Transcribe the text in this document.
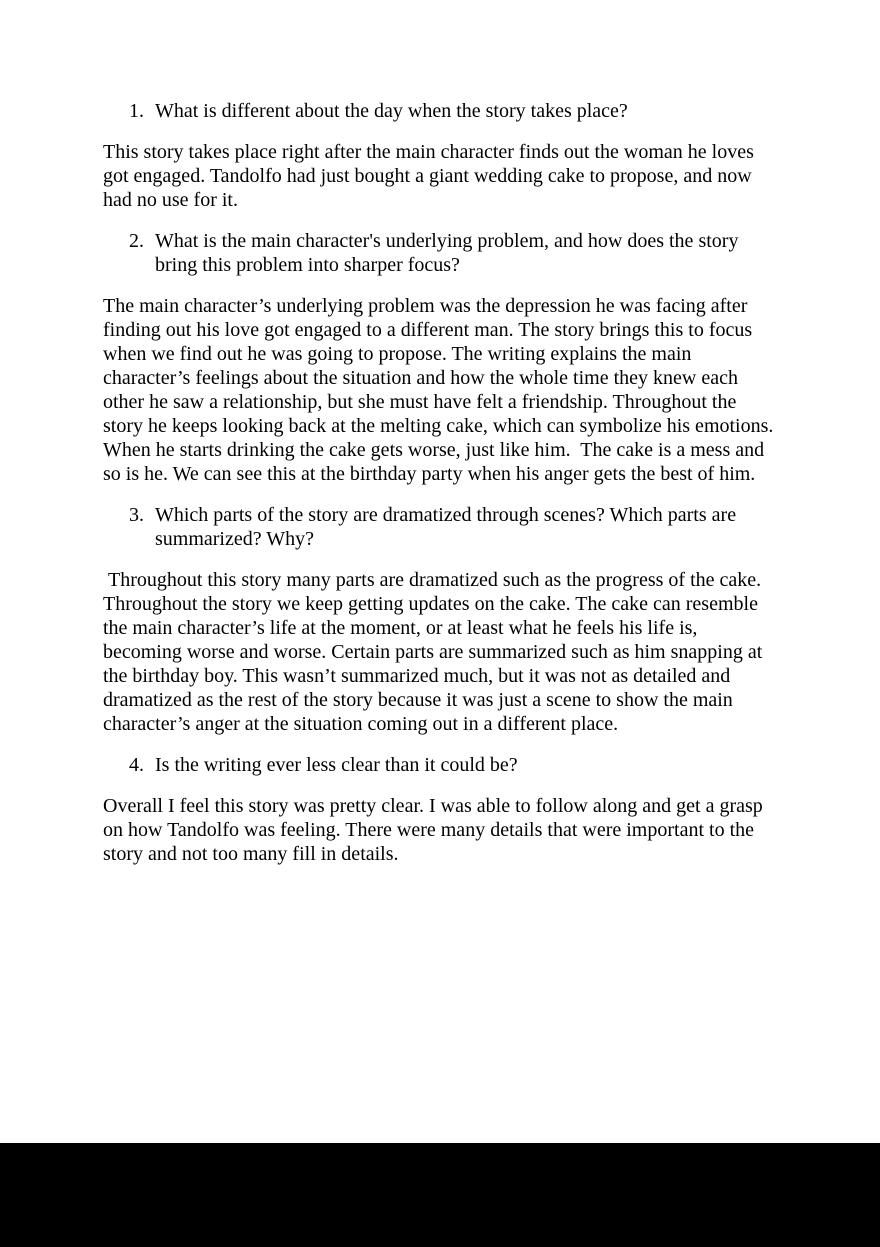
1. What is different about the day when the story takes place?
This story takes place right after the main character finds out the woman he loves got engaged. Tandolfo had just bought a giant wedding cake to propose, and now had no use for it.
2. What is the main character's underlying problem, and how does the story bring this problem into sharper focus?
The main character’s underlying problem was the depression he was facing after finding out his love got engaged to a different man. The story brings this to focus when we find out he was going to propose. The writing explains the main character’s feelings about the situation and how the whole time they knew each other he saw a relationship, but she must have felt a friendship. Throughout the story he keeps looking back at the melting cake, which can symbolize his emotions. When he starts drinking the cake gets worse, just like him.  The cake is a mess and so is he. We can see this at the birthday party when his anger gets the best of him.
3. Which parts of the story are dramatized through scenes? Which parts are summarized? Why?
Throughout this story many parts are dramatized such as the progress of the cake. Throughout the story we keep getting updates on the cake. The cake can resemble the main character’s life at the moment, or at least what he feels his life is, becoming worse and worse. Certain parts are summarized such as him snapping at the birthday boy. This wasn’t summarized much, but it was not as detailed and dramatized as the rest of the story because it was just a scene to show the main character’s anger at the situation coming out in a different place.
4. Is the writing ever less clear than it could be?
Overall I feel this story was pretty clear. I was able to follow along and get a grasp on how Tandolfo was feeling. There were many details that were important to the story and not too many fill in details.
